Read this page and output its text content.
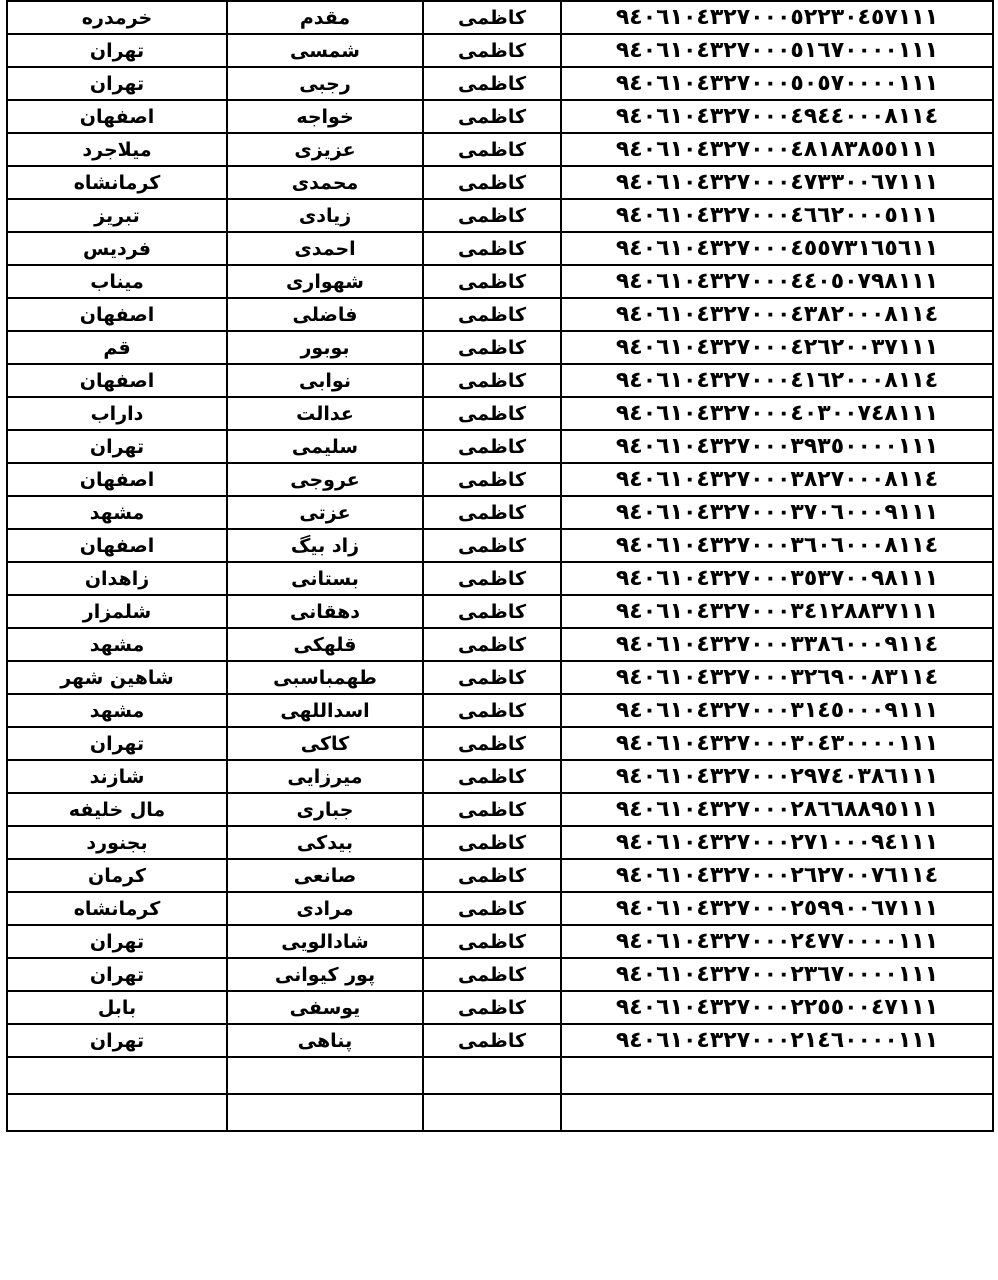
خرمدره	مقدم	کاظمی	۹٤۰٦۱۰٤۳۲۷۰۰۰٥۲۲۳۰٤٥۷۱۱۱
تهران	شمسی	کاظمی	۹٤۰٦۱۰٤۳۲۷۰۰۰٥۱٦۷۰۰۰۰۱۱۱
تهران	رجبی	کاظمی	۹٤۰٦۱۰٤۳۲۷۰۰۰٥۰٥۷۰۰۰۰۱۱۱
اصفهان	خواجه	کاظمی	۹٤۰٦۱۰٤۳۲۷۰۰۰٤۹٤٤۰۰۰۸۱۱٤
میلاجرد	عزیزی	کاظمی	۹٤۰٦۱۰٤۳۲۷۰۰۰٤۸۱۸۳۸٥٥۱۱۱
کرمانشاه	محمدی	کاظمی	۹٤۰٦۱۰٤۳۲۷۰۰۰٤۷۳۳۰۰٦۷۱۱۱
تبریز	زیادی	کاظمی	۹٤۰٦۱۰٤۳۲۷۰۰۰٤٦٦۲۰۰۰٥۱۱۱
فردیس	احمدی	کاظمی	۹٤۰٦۱۰٤۳۲۷۰۰۰٤٥٥۷۳۱٦٥٦۱۱
میناب	شهواری	کاظمی	۹٤۰٦۱۰٤۳۲۷۰۰۰٤٤۰٥۰۷۹۸۱۱۱
اصفهان	فاضلی	کاظمی	۹٤۰٦۱۰٤۳۲۷۰۰۰٤۳۸۲۰۰۰۸۱۱٤
قم	بوبور	کاظمی	۹٤۰٦۱۰٤۳۲۷۰۰۰٤۲٦۲۰۰۳۷۱۱۱
اصفهان	نوابی	کاظمی	۹٤۰٦۱۰٤۳۲۷۰۰۰٤۱٦۲۰۰۰۸۱۱٤
داراب	عدالت	کاظمی	۹٤۰٦۱۰٤۳۲۷۰۰۰٤۰۳۰۰۷٤۸۱۱۱
تهران	سلیمی	کاظمی	۹٤۰٦۱۰٤۳۲۷۰۰۰۳۹۳٥۰۰۰۰۱۱۱
اصفهان	عروجی	کاظمی	۹٤۰٦۱۰٤۳۲۷۰۰۰۳۸۲۷۰۰۰۸۱۱٤
مشهد	عزتی	کاظمی	۹٤۰٦۱۰٤۳۲۷۰۰۰۳۷۰٦۰۰۰۹۱۱۱
اصفهان	زاد بیگ	کاظمی	۹٤۰٦۱۰٤۳۲۷۰۰۰۳٦۰٦۰۰۰۸۱۱٤
زاهدان	بستانی	کاظمی	۹٤۰٦۱۰٤۳۲۷۰۰۰۳٥۳۷۰۰۹۸۱۱۱
شلمزار	دهقانی	کاظمی	۹٤۰٦۱۰٤۳۲۷۰۰۰۳٤۱۲۸۸۳۷۱۱۱
مشهد	قلهکی	کاظمی	۹٤۰٦۱۰٤۳۲۷۰۰۰۳۳۸٦۰۰۰۹۱۱٤
شاهین شهر	طهمباسبی	کاظمی	۹٤۰٦۱۰٤۳۲۷۰۰۰۳۲٦۹۰۰۸۳۱۱٤
مشهد	اسداللهی	کاظمی	۹٤۰٦۱۰٤۳۲۷۰۰۰۳۱٤٥۰۰۰۹۱۱۱
تهران	کاکی	کاظمی	۹٤۰٦۱۰٤۳۲۷۰۰۰۳۰٤۳۰۰۰۰۱۱۱
شازند	میرزایی	کاظمی	۹٤۰٦۱۰٤۳۲۷۰۰۰۲۹۷٤۰۳۸٦۱۱۱
مال خلیفه	جباری	کاظمی	۹٤۰٦۱۰٤۳۲۷۰۰۰۲۸٦٦۸۸۹٥۱۱۱
بجنورد	بیدکی	کاظمی	۹٤۰٦۱۰٤۳۲۷۰۰۰۲۷۱۰۰۰۹٤۱۱۱
کرمان	صانعی	کاظمی	۹٤۰٦۱۰٤۳۲۷۰۰۰۲٦۲۷۰۰۷٦۱۱٤
کرمانشاه	مرادی	کاظمی	۹٤۰٦۱۰٤۳۲۷۰۰۰۲٥۹۹۰۰٦۷۱۱۱
تهران	شادالویی	کاظمی	۹٤۰٦۱۰٤۳۲۷۰۰۰۲٤۷۷۰۰۰۰۱۱۱
تهران	پور کیوانی	کاظمی	۹٤۰٦۱۰٤۳۲۷۰۰۰۲۳٦۷۰۰۰۰۱۱۱
بابل	یوسفی	کاظمی	۹٤۰٦۱۰٤۳۲۷۰۰۰۲۲٥٥۰۰٤۷۱۱۱
تهران	پناهی	کاظمی	۹٤۰٦۱۰٤۳۲۷۰۰۰۲۱٤٦۰۰۰۰۱۱۱
